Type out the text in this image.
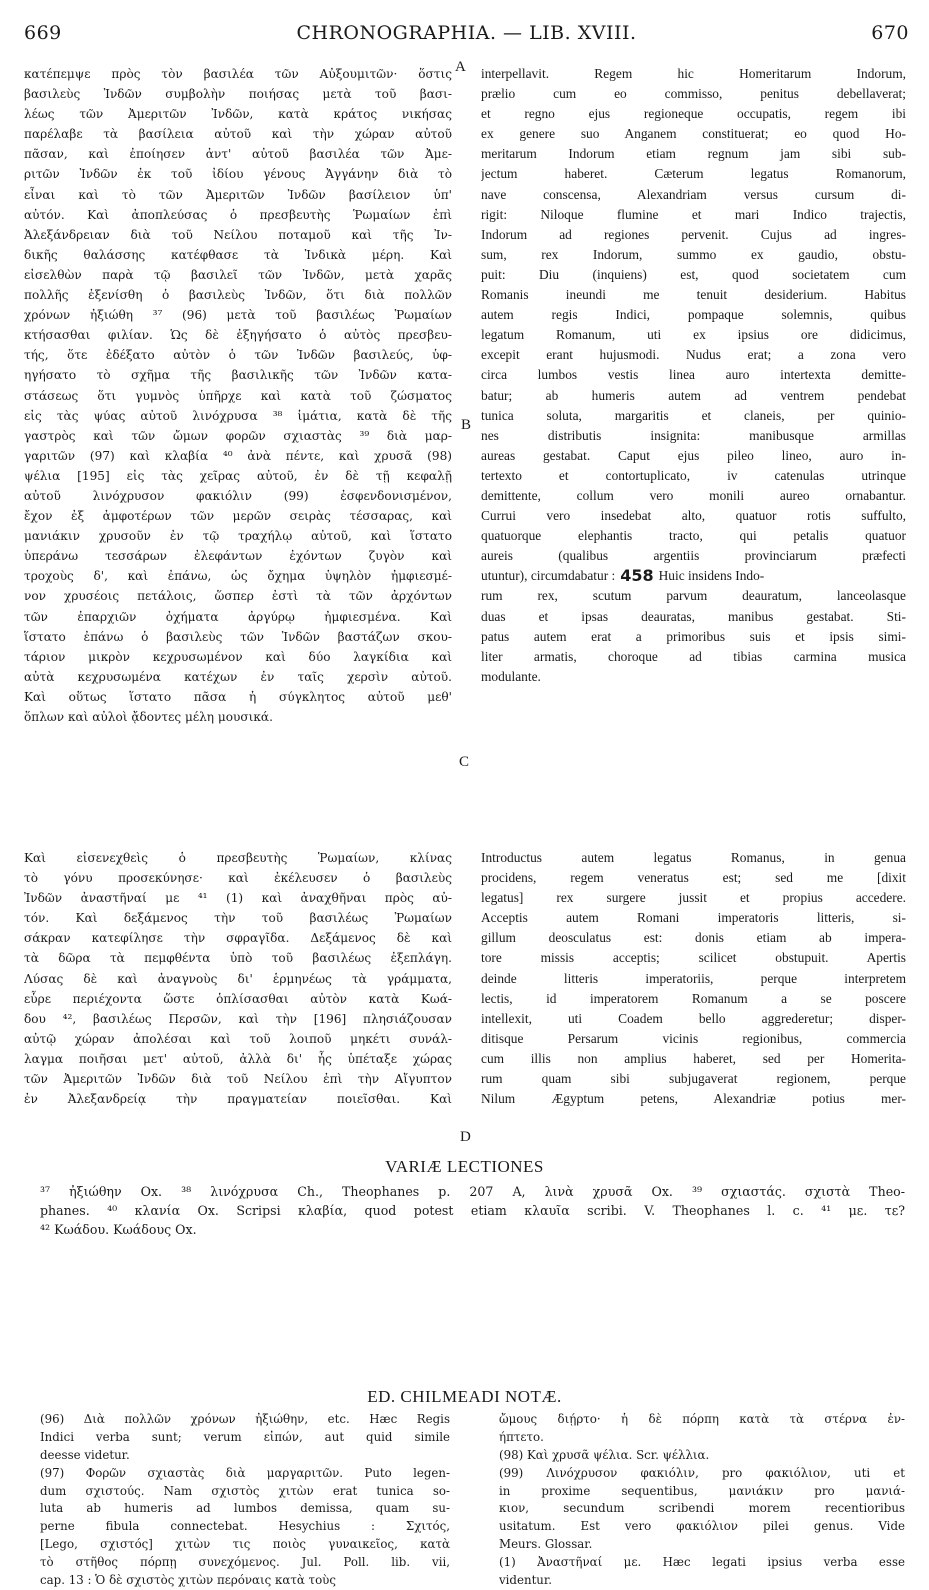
669	CHRONOGRAPHIA. — LIB. XVIII.	670
A
B
C
D
κατέπεμψε πρὸς τὸν βασιλέα τῶν Αὐξουμιτῶν· ὅστις
βασιλεὺς Ἰνδῶν συμβολὴν ποιήσας μετὰ τοῦ βασι-
λέως τῶν Ἀμεριτῶν Ἰνδῶν, κατὰ κράτος νικήσας
παρέλαβε τὰ βασίλεια αὐτοῦ καὶ τὴν χώραν αὐτοῦ
πᾶσαν, καὶ ἐποίησεν ἀντ' αὐτοῦ βασιλέα τῶν Ἀμε-
ριτῶν Ἰνδῶν ἐκ τοῦ ἰδίου γένους Ἀγγάνην διὰ τὸ
εἶναι καὶ τὸ τῶν Ἀμεριτῶν Ἰνδῶν βασίλειον ὑπ'
αὐτόν. Καὶ ἀποπλεύσας ὁ πρεσβευτὴς Ῥωμαίων ἐπὶ
Ἀλεξάνδρειαν διὰ τοῦ Νείλου ποταμοῦ καὶ τῆς Ἰν-
δικῆς θαλάσσης κατέφθασε τὰ Ἰνδικὰ μέρη. Καὶ
εἰσελθὼν παρὰ τῷ βασιλεῖ τῶν Ἰνδῶν, μετὰ χαρᾶς
πολλῆς ἐξενίσθη ὁ βασιλεὺς Ἰνδῶν, ὅτι διὰ πολλῶν
χρόνων ἠξιώθη ³⁷ (96) μετὰ τοῦ βασιλέως Ῥωμαίων
κτήσασθαι φιλίαν. Ὡς δὲ ἐξηγήσατο ὁ αὐτὸς πρεσβευ-
τής, ὅτε ἐδέξατο αὐτὸν ὁ τῶν Ἰνδῶν βασιλεύς, ὑφ-
ηγήσατο τὸ σχῆμα τῆς βασιλικῆς τῶν Ἰνδῶν κατα-
στάσεως ὅτι γυμνὸς ὑπῆρχε καὶ κατὰ τοῦ ζώσματος
εἰς τὰς ψύας αὐτοῦ λινόχρυσα ³⁸ ἱμάτια, κατὰ δὲ τῆς
γαστρὸς καὶ τῶν ὤμων φορῶν σχιαστὰς ³⁹ διὰ μαρ-
γαριτῶν (97) καὶ κλαβία ⁴⁰ ἀνὰ πέντε, καὶ χρυσᾶ (98)
ψέλια [195] εἰς τὰς χεῖρας αὐτοῦ, ἐν δὲ τῇ κεφαλῇ
αὐτοῦ λινόχρυσον φακιόλιν (99) ἐσφενδονισμένον,
ἔχον ἐξ ἀμφοτέρων τῶν μερῶν σειρὰς τέσσαρας, καὶ
μανιάκιν χρυσοῦν ἐν τῷ τραχήλῳ αὐτοῦ, καὶ ἵστατο
ὑπεράνω τεσσάρων ἐλεφάντων ἐχόντων ζυγὸν καὶ
τροχοὺς δ', καὶ ἐπάνω, ὡς ὄχημα ὑψηλὸν ἠμφιεσμέ-
νον χρυσέοις πετάλοις, ὥσπερ ἐστὶ τὰ τῶν ἀρχόντων
τῶν ἐπαρχιῶν ὀχήματα ἀργύρῳ ἠμφιεσμένα. Καὶ
ἵστατο ἐπάνω ὁ βασιλεὺς τῶν Ἰνδῶν βαστάζων σκου-
τάριον μικρὸν κεχρυσωμένον καὶ δύο λαγκίδια καὶ
αὐτὰ κεχρυσωμένα κατέχων ἐν ταῖς χερσὶν αὐτοῦ.
Καὶ οὕτως ἵστατο πᾶσα ἡ σύγκλητος αὐτοῦ μεθ'
ὅπλων καὶ αὐλοὶ ᾄδοντες μέλη μουσικά.
interpellavit. Regem hic Homeritarum Indorum,
prælio cum eo commisso, penitus debellaverat;
et regno ejus regioneque occupatis, regem ibi
ex genere suo Anganem constituerat; eo quod Ho-
meritarum Indorum etiam regnum jam sibi sub-
jectum haberet. Cæterum legatus Romanorum,
nave conscensa, Alexandriam versus cursum di-
rigit: Niloque flumine et mari Indico trajectis,
Indorum ad regiones pervenit. Cujus ad ingres-
sum, rex Indorum, summo ex gaudio, obstu-
puit: Diu (inquiens) est, quod societatem cum
Romanis ineundi me tenuit desiderium. Habitus
autem regis Indici, pompaque solemnis, quibus
legatum Romanum, uti ex ipsius ore didicimus,
excepit erant hujusmodi. Nudus erat; a zona vero
circa lumbos vestis linea auro intertexta demitte-
batur; ab humeris autem ad ventrem pendebat
tunica soluta, margaritis et claneis, per quinio-
nes distributis insignita: manibusque armillas
aureas gestabat. Caput ejus pileo lineo, auro in-
tertexto et contortuplicato, iv catenulas utrinque
demittente, collum vero monili aureo ornabantur.
Currui vero insedebat alto, quatuor rotis suffulto,
quatuorque elephantis tracto, qui petalis quatuor
aureis (qualibus argentiis provinciarum præfecti
utuntur), circumdabatur : 458 Huic insidens Indo-
rum rex, scutum parvum deauratum, lanceolasque
duas et ipsas deauratas, manibus gestabat. Sti-
patus autem erat a primoribus suis et ipsis simi-
liter armatis, choroque ad tibias carmina musica
modulante.
Καὶ εἰσενεχθεὶς ὁ πρεσβευτὴς Ῥωμαίων, κλίνας
τὸ γόνυ προσεκύνησε· καὶ ἐκέλευσεν ὁ βασιλεὺς
Ἰνδῶν ἀναστῆναί με ⁴¹ (1) καὶ ἀναχθῆναι πρὸς αὐ-
τόν. Καὶ δεξάμενος τὴν τοῦ βασιλέως Ῥωμαίων
σάκραν κατεφίλησε τὴν σφραγῖδα. Δεξάμενος δὲ καὶ
τὰ δῶρα τὰ πεμφθέντα ὑπὸ τοῦ βασιλέως ἐξεπλάγη.
Λύσας δὲ καὶ ἀναγνοὺς δι' ἑρμηνέως τὰ γράμματα,
εὗρε περιέχοντα ὥστε ὁπλίσασθαι αὐτὸν κατὰ Κωά-
δου ⁴², βασιλέως Περσῶν, καὶ τὴν [196] πλησιάζουσαν
αὐτῷ χώραν ἀπολέσαι καὶ τοῦ λοιποῦ μηκέτι συνάλ-
λαγμα ποιῆσαι μετ' αὐτοῦ, ἀλλὰ δι' ἧς ὑπέταξε χώρας
τῶν Ἀμεριτῶν Ἰνδῶν διὰ τοῦ Νείλου ἐπὶ τὴν Αἴγυπτον
ἐν Ἀλεξανδρείᾳ τὴν πραγματείαν ποιεῖσθαι. Καὶ
Introductus autem legatus Romanus, in genua
procidens, regem veneratus est; sed me [dixit
legatus] rex surgere jussit et propius accedere.
Acceptis autem Romani imperatoris litteris, si-
gillum deosculatus est: donis etiam ab impera-
tore missis acceptis; scilicet obstupuit. Apertis
deinde litteris imperatoriis, perque interpretem
lectis, id imperatorem Romanum a se poscere
intellexit, uti Coadem bello aggrederetur; disper-
ditisque Persarum vicinis regionibus, commercia
cum illis non amplius haberet, sed per Homerita-
rum quam sibi subjugaverat regionem, perque
Nilum Ægyptum petens, Alexandriæ potius mer-
VARIÆ LECTIONES
³⁷ ἠξιώθην Ox. ³⁸ λινόχρυσα Ch., Theophanes p. 207 A, λινὰ χρυσᾶ Ox. ³⁹ σχιαστάς. σχιστὰ Theo-
phanes. ⁴⁰ κλανία Ox. Scripsi κλαβία, quod potest etiam κλαυῖα scribi. V. Theophanes l. c. ⁴¹ με. τε?
⁴² Κωάδου. Κωάδους Ox.
ED. CHILMEADI NOTÆ.
(96) Διὰ πολλῶν χρόνων ἠξιώθην, etc. Hæc Regis
Indici verba sunt; verum εἰπών, aut quid simile
deesse videtur.
(97) Φορῶν σχιαστὰς διὰ μαργαριτῶν. Puto legen-
dum σχιστούς. Nam σχιστὸς χιτὼν erat tunica so-
luta ab humeris ad lumbos demissa, quam su-
perne fibula connectebat. Hesychius : Σχιτός,
[Lego, σχιστός] χιτὼν τις ποιὸς γυναικεῖος, κατὰ
τὸ στῆθος πόρπῃ συνεχόμενος. Jul. Poll. lib. vii,
cap. 13 : Ὁ δὲ σχιστὸς χιτὼν περόναις κατὰ τοὺς
ὤμους διῄρτο· ἡ δὲ πόρπη κατὰ τὰ στέρνα ἐν-
ήπτετο.
(98) Καὶ χρυσᾶ ψέλια. Scr. ψέλλια.
(99) Λινόχρυσον φακιόλιν, pro φακιόλιον, uti et
in proxime sequentibus, μανιάκιν pro μανιά-
κιον, secundum scribendi morem recentioribus
usitatum. Est vero φακιόλιον pilei genus. Vide
Meurs. Glossar.
(1) Ἀναστῆναί με. Hæc legati ipsius verba esse
videntur.
